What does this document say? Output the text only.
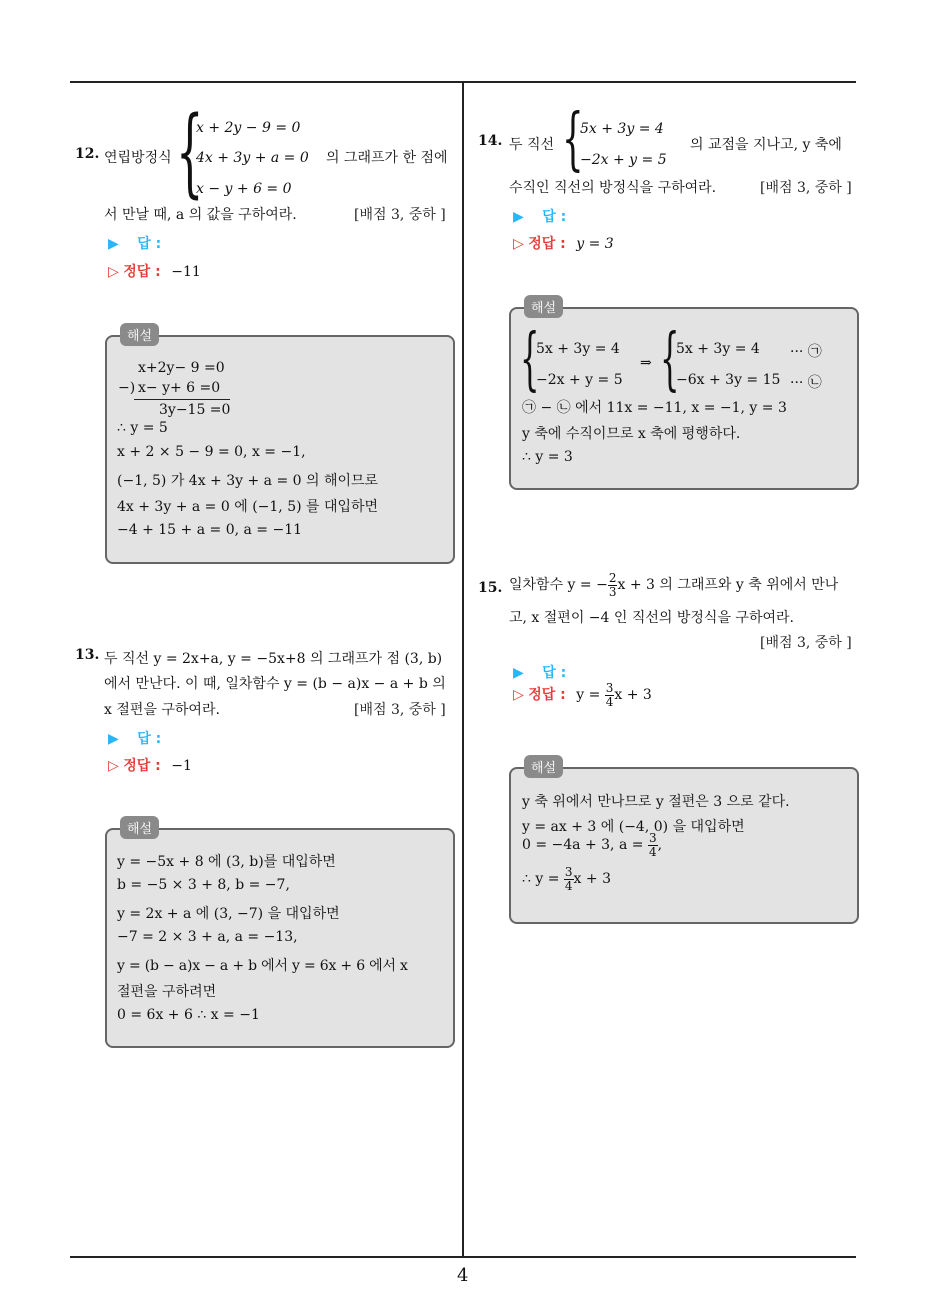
4
12. 연립방정식 {
x + 2y − 9 = 0
4x + 3y + a = 0
x − y + 6 = 0
의 그래프가 한 점에
서 만날 때, a 의 값을 구하여라.	[배점 3, 중하 ]
▶ 답 :
▷ 정답 : −11
해설
x+2y− 9 =0
−) x− y+ 6 =0
3y−15 =0
∴ y = 5
x + 2 × 5 − 9 = 0, x = −1,
(−1, 5) 가 4x + 3y + a = 0 의 해이므로
4x + 3y + a = 0 에 (−1, 5) 를 대입하면
−4 + 15 + a = 0, a = −11
13. 두 직선 y = 2x+a, y = −5x+8 의 그래프가 점 (3, b)
에서 만난다. 이 때, 일차함수 y = (b − a)x − a + b 의
x 절편을 구하여라.	[배점 3, 중하 ]
▶ 답 :
▷ 정답 : −1
해설
y = −5x + 8 에 (3, b)를 대입하면
b = −5 × 3 + 8, b = −7,
y = 2x + a 에 (3, −7) 을 대입하면
−7 = 2 × 3 + a, a = −13,
y = (b − a)x − a + b 에서 y = 6x + 6 에서 x
절편을 구하려면
0 = 6x + 6 ∴ x = −1
14. 두 직선 {
5x + 3y = 4
−2x + y = 5
의 교점을 지나고, y 축에
수직인 직선의 방정식을 구하여라.	[배점 3, 중하 ]
▶ 답 :
▷ 정답 : y = 3
해설
{
5x + 3y = 4
−2x + y = 5
⇒ {
5x + 3y = 4
−6x + 3y = 15
··· ㉠
··· ㉡
㉠ − ㉡ 에서 11x = −11, x = −1, y = 3
y 축에 수직이므로 x 축에 평행하다.
∴ y = 3
15. 일차함수 y = − $\frac{2}{3}$ x + 3 의 그래프와 y 축 위에서 만나
고, x 절편이 −4 인 직선의 방정식을 구하여라.
[배점 3, 중하 ]
▶ 답 :
▷ 정답 : $y = \frac{3}{4}$ x + 3
해설
y 축 위에서 만나므로 y 절편은 3 으로 같다.
y = ax + 3 에 (−4, 0) 을 대입하면
0 = −4a + 3, $a = \frac{3}{4}$ ,
∴ $y = \frac{3}{4}$ x + 3
